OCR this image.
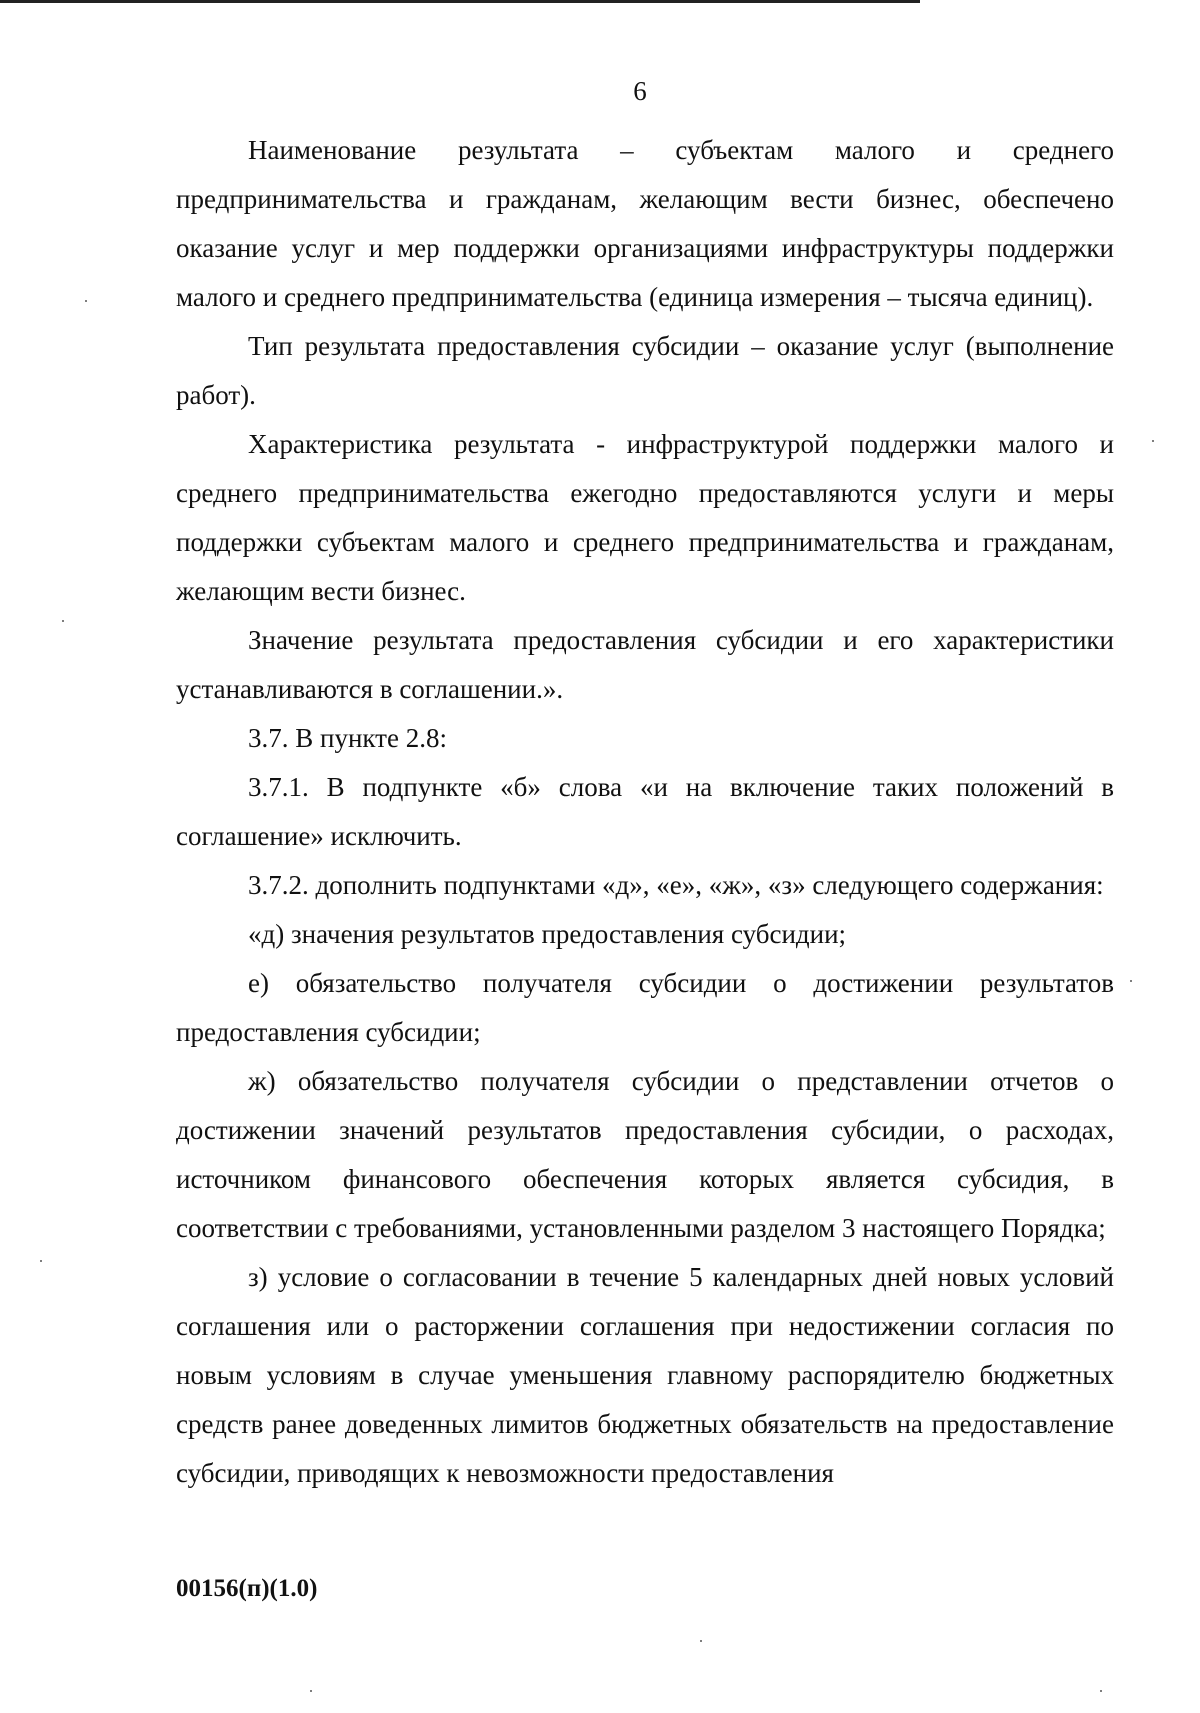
6

Наименование результата – субъектам малого и среднего предпринимательства и гражданам, желающим вести бизнес, обеспечено оказание услуг и мер поддержки организациями инфраструктуры поддержки малого и среднего предпринимательства (единица измерения – тысяча единиц).

Тип результата предоставления субсидии – оказание услуг (выполнение работ).

Характеристика результата - инфраструктурой поддержки малого и среднего предпринимательства ежегодно предоставляются услуги и меры поддержки субъектам малого и среднего предпринимательства и гражданам, желающим вести бизнес.

Значение результата предоставления субсидии и его характеристики устанавливаются в соглашении.».

3.7. В пункте 2.8:

3.7.1. В подпункте «б» слова «и на включение таких положений в соглашение» исключить.

3.7.2. дополнить подпунктами «д», «е», «ж», «з» следующего содержания:

«д) значения результатов предоставления субсидии;

е) обязательство получателя субсидии о достижении результатов предоставления субсидии;

ж) обязательство получателя субсидии о представлении отчетов о достижении значений результатов предоставления субсидии, о расходах, источником финансового обеспечения которых является субсидия, в соответствии с требованиями, установленными разделом 3 настоящего Порядка;

з) условие о согласовании в течение 5 календарных дней новых условий соглашения или о расторжении соглашения при недостижении согласия по новым условиям в случае уменьшения главному распорядителю бюджетных средств ранее доведенных лимитов бюджетных обязательств на предоставление субсидии, приводящих к невозможности предоставления

00156(п)(1.0)
